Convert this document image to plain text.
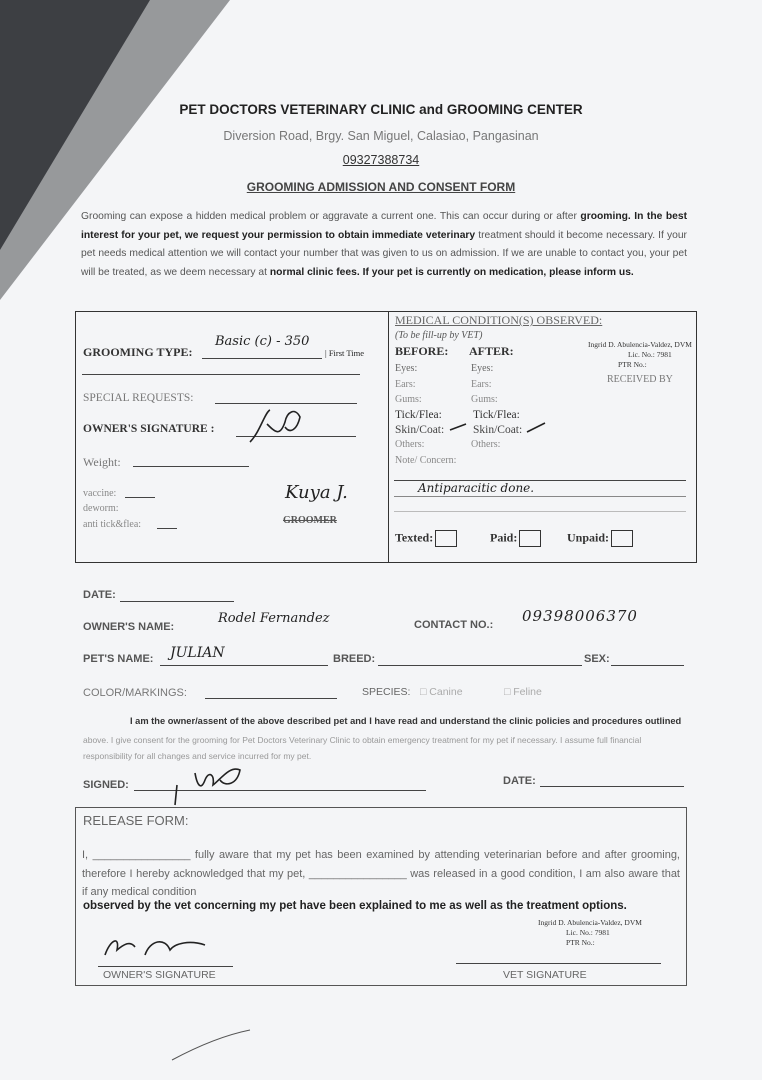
PET DOCTORS VETERINARY CLINIC and GROOMING CENTER
Diversion Road, Brgy. San Miguel, Calasiao, Pangasinan
09327388734
GROOMING ADMISSION AND CONSENT FORM
Grooming can expose a hidden medical problem or aggravate a current one. This can occur during or after grooming. In the best interest for your pet, we request your permission to obtain immediate veterinary treatment should it become necessary. If your pet needs medical attention we will contact your number that was given to us on admission. If we are unable to contact you, your pet will be treated, as we deem necessary at normal clinic fees. If your pet is currently on medication, please inform us.
GROOMING TYPE:
Basic (c) - 350
| First Time
SPECIAL REQUESTS:
OWNER'S SIGNATURE :
Weight:
vaccine:
deworm:
anti tick&flea:
Kuya J.
GROOMER
MEDICAL CONDITION(S) OBSERVED:
(To be fill-up by VET)
BEFORE: AFTER:
Eyes:	Eyes:
Ears:	Ears:
Gums:	Gums:
Tick/Flea:	Tick/Flea:
Skin/Coat:	Skin/Coat:
Others:	Others:
Note/ Concern:
Antiparacitic done.
Ingrid D. Abulencia-Valdez, DVM
Lic. No.: 7981
PTR No.:
RECEIVED BY
Texted:	Paid:	Unpaid:
DATE:
OWNER'S NAME:
Rodel Fernandez	CONTACT NO.: 09398006370
PET'S NAME: JULIAN	BREED:	SEX:
COLOR/MARKINGS:	SPECIES: □ Canine	□ Feline
I am the owner/assent of the above described pet and I have read and understand the clinic policies and procedures outlined
above. I give consent for the grooming for Pet Doctors Veterinary Clinic to obtain emergency treatment for my pet if necessary. I assume full financial responsibility for all changes and service incurred for my pet.
SIGNED:	DATE:
RELEASE FORM:
I, ________________ fully aware that my pet has been examined by attending veterinarian before and after grooming, therefore I hereby acknowledged that my pet, ________________ was released in a good condition, I am also aware that if any medical condition
observed by the vet concerning my pet have been explained to me as well as the treatment options.
OWNER'S SIGNATURE
Ingrid D. Abulencia-Valdez, DVM
Lic. No.: 7981
PTR No.:
VET SIGNATURE
